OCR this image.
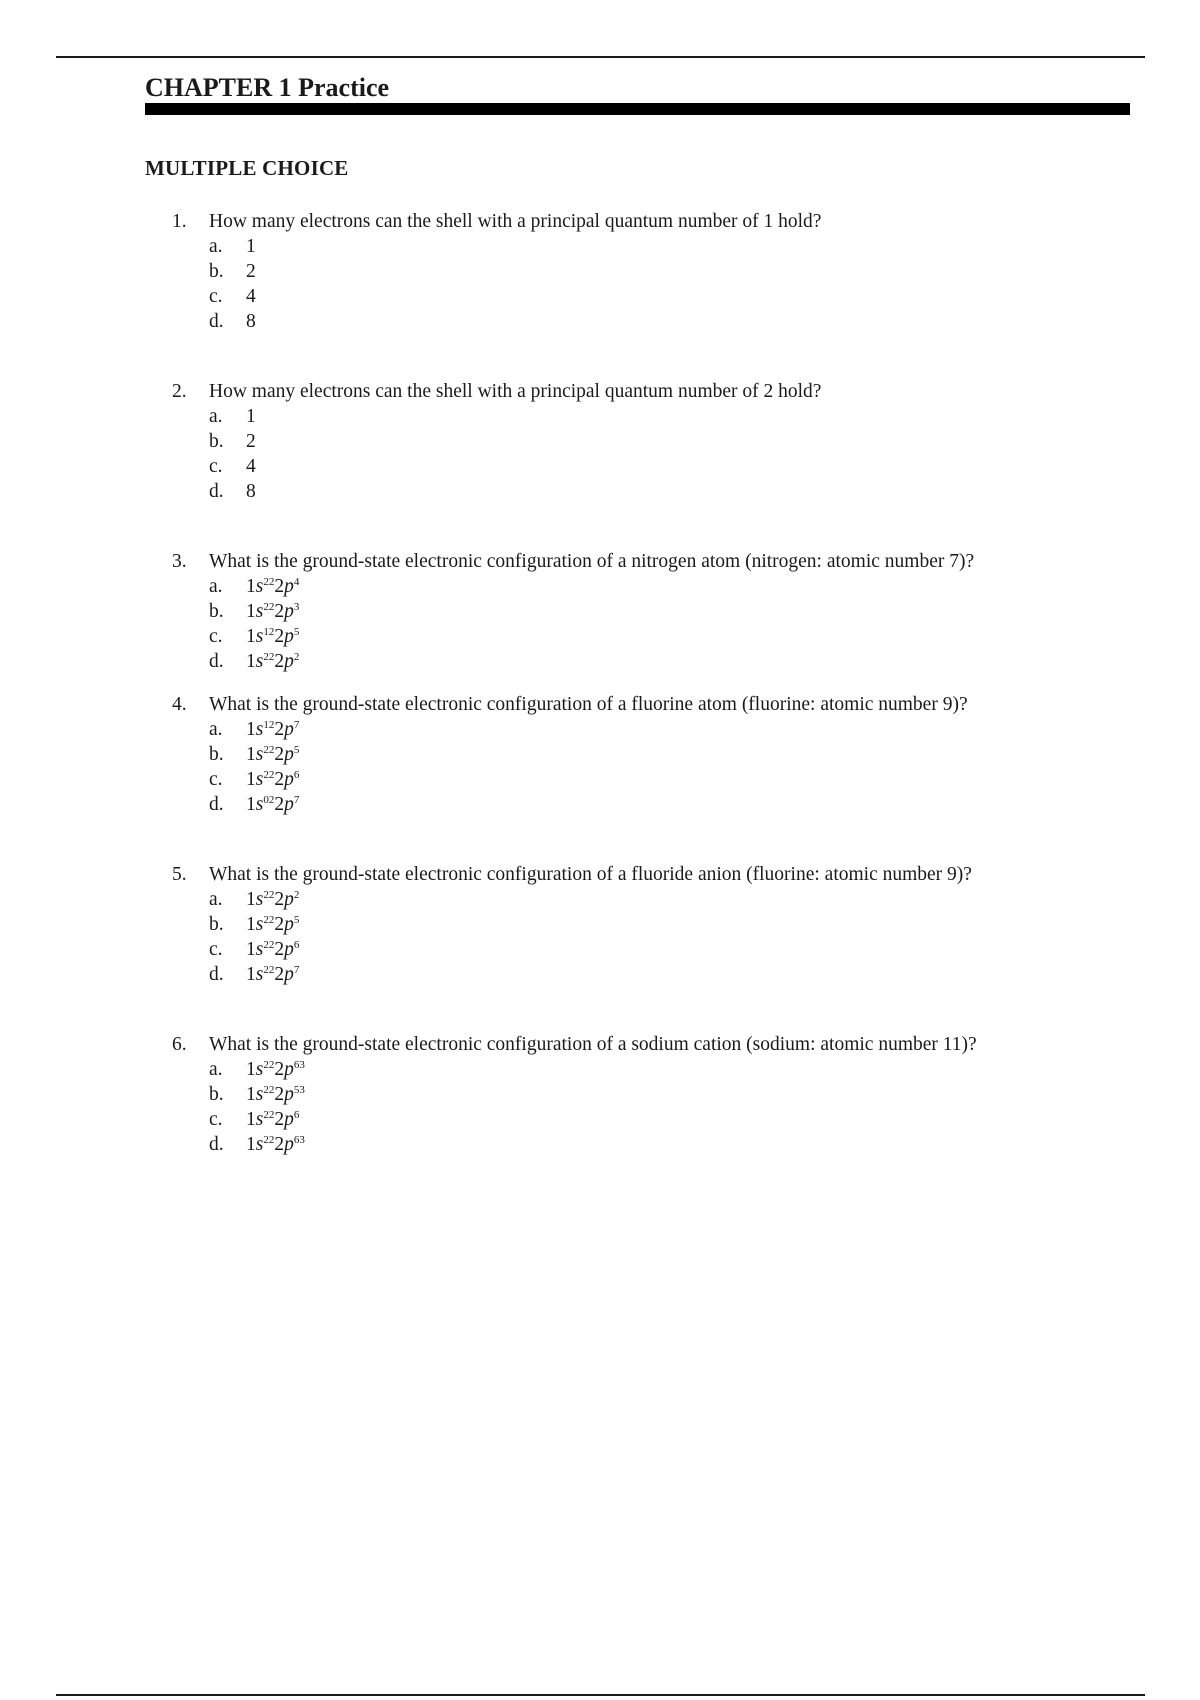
CHAPTER 1 Practice
MULTIPLE CHOICE
1. How many electrons can the shell with a principal quantum number of 1 hold?
a. 1
b. 2
c. 4
d. 8
2. How many electrons can the shell with a principal quantum number of 2 hold?
a. 1
b. 2
c. 4
d. 8
3. What is the ground-state electronic configuration of a nitrogen atom (nitrogen: atomic number 7)?
a. $1s^{22}2p^4$
b. $1s^{22}2p^3$
c. $1s^{12}2p^5$
d. $1s^{22}2p^2$
4. What is the ground-state electronic configuration of a fluorine atom (fluorine: atomic number 9)?
a. $1s^{12}2p^7$
b. $1s^{22}2p^5$
c. $1s^{22}2p^6$
d. $1s^{02}2p^7$
5. What is the ground-state electronic configuration of a fluoride anion (fluorine: atomic number 9)?
a. $1s^{22}2p^2$
b. $1s^{22}2p^5$
c. $1s^{22}2p^6$
d. $1s^{22}2p^7$
6. What is the ground-state electronic configuration of a sodium cation (sodium: atomic number 11)?
a. $1s^{22}2p^{63}$
b. $1s^{22}2p^{53}$
c. $1s^{22}2p^6$
d. $1s^{22}2p^{63}$
